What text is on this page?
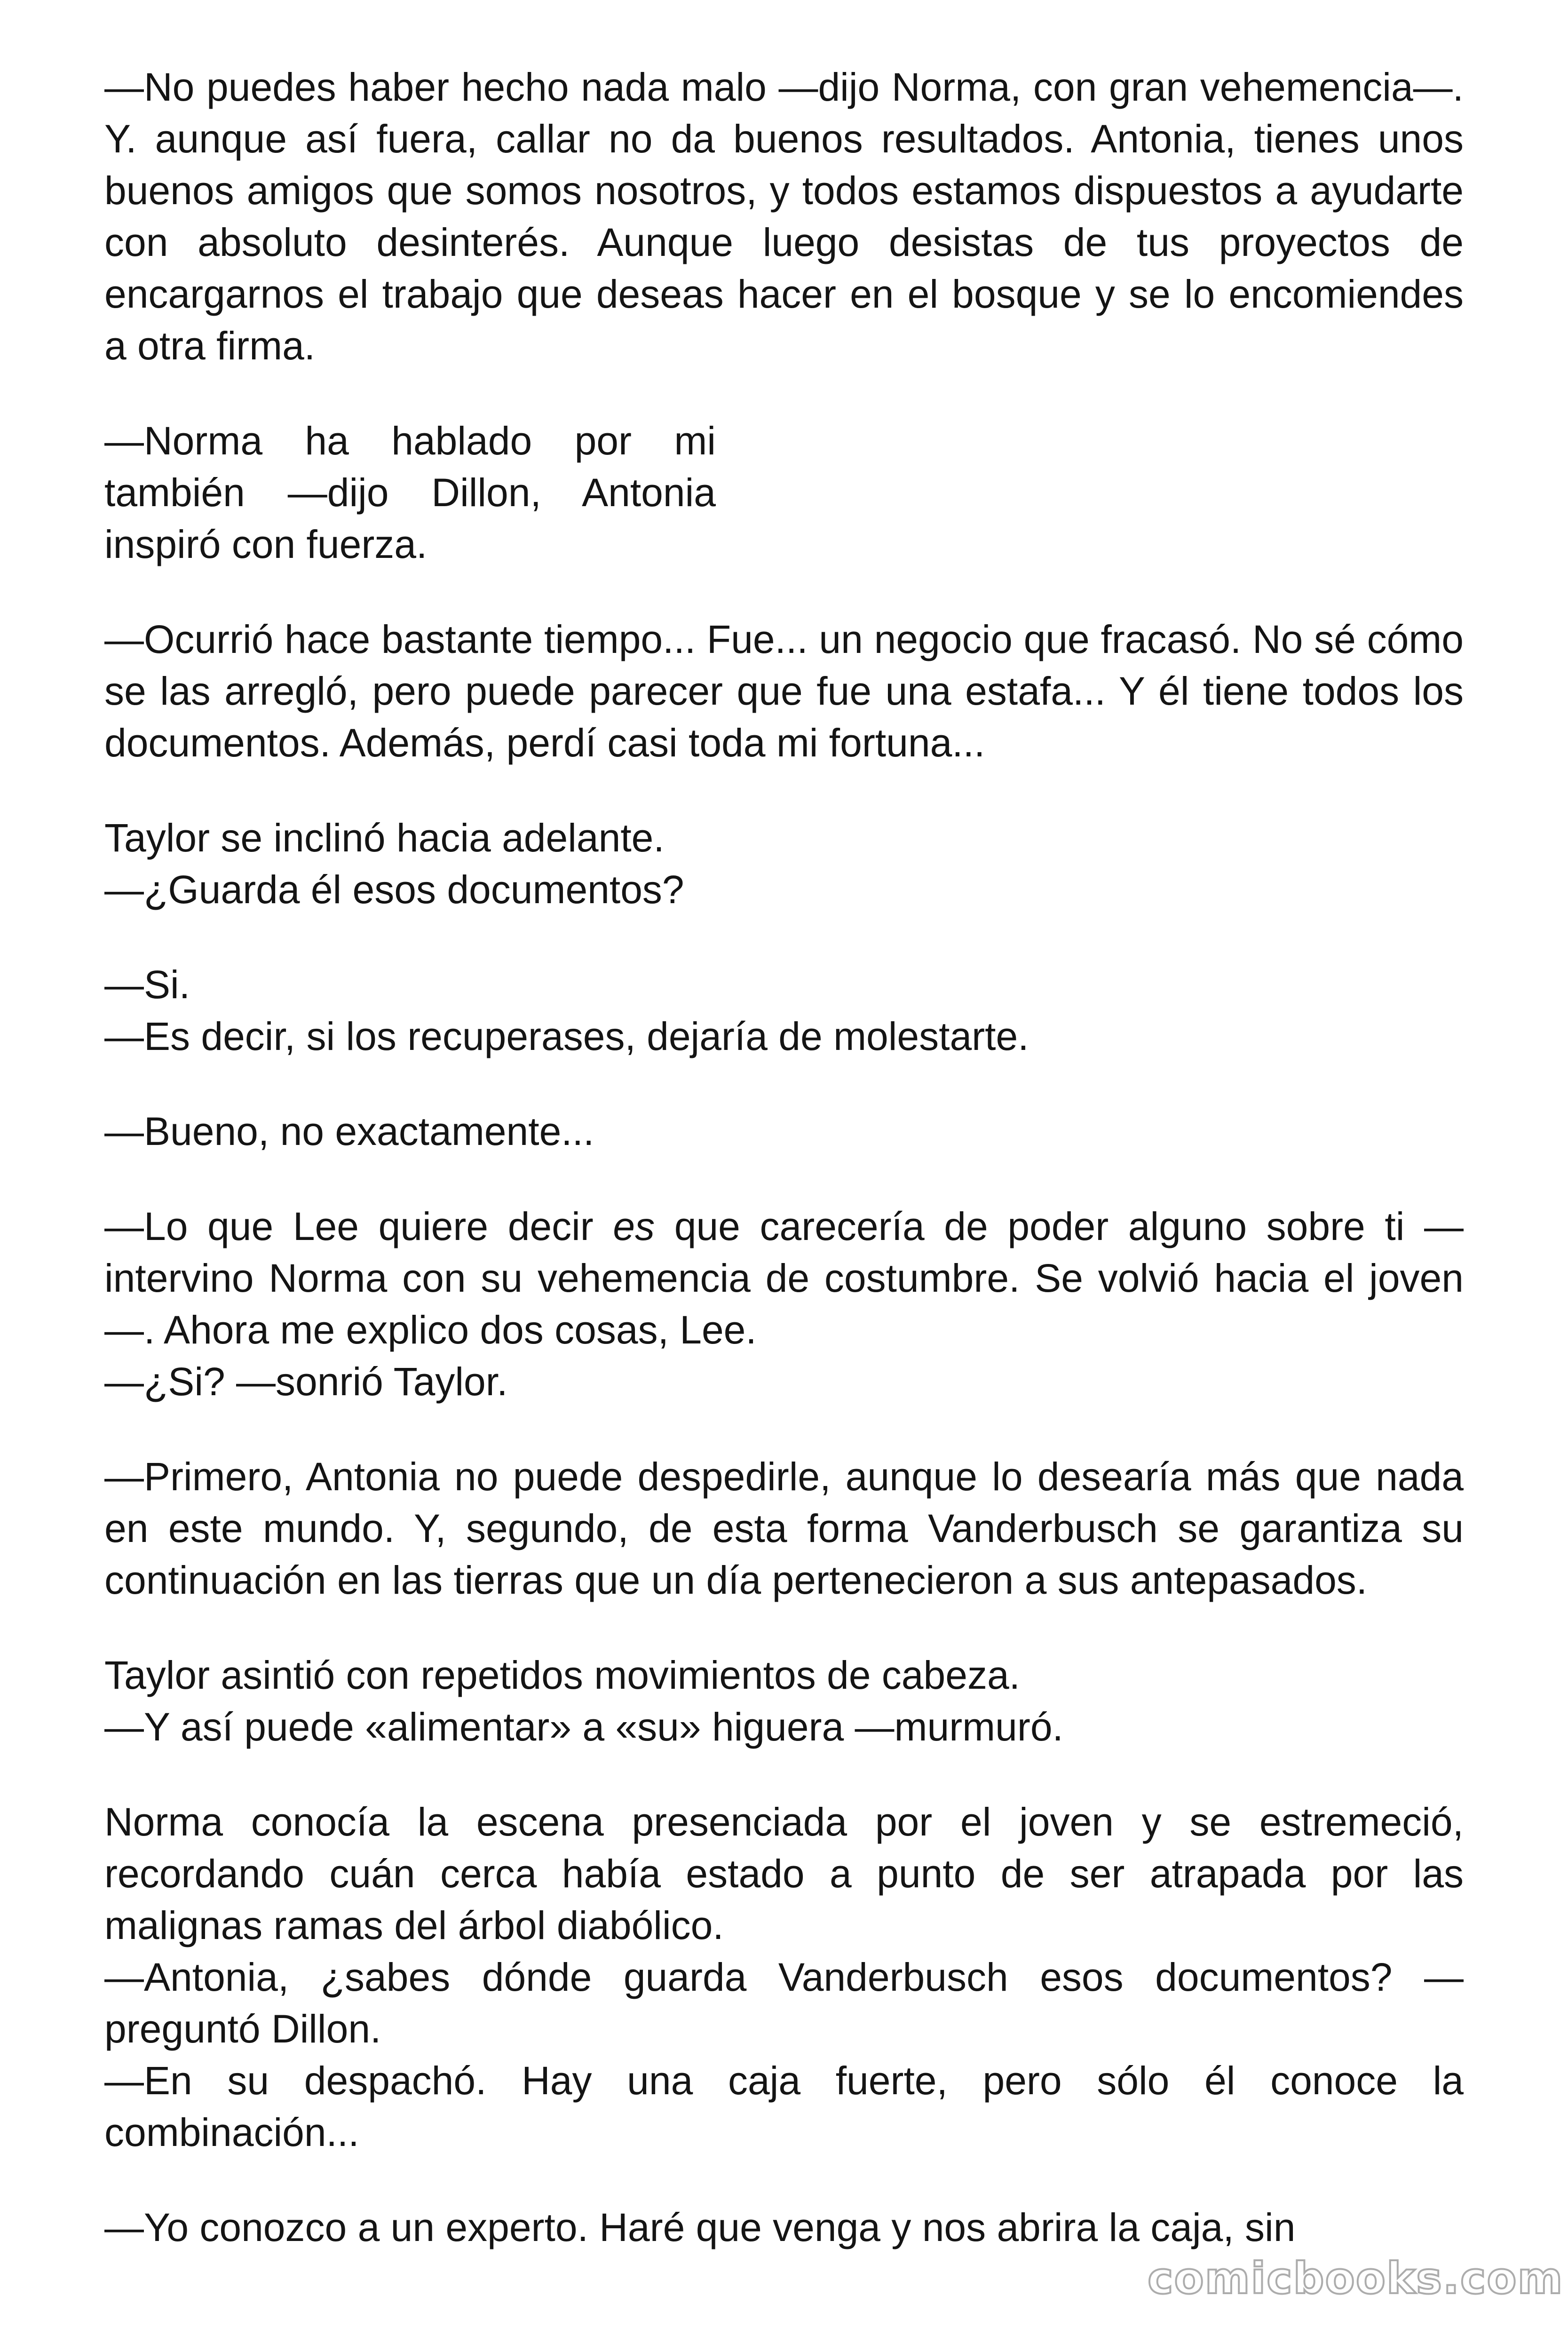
—No puedes haber hecho nada malo —dijo Norma, con gran vehemencia—. Y. aunque así fuera, callar no da buenos resultados. Antonia, tienes unos buenos amigos que somos nosotros, y todos estamos dispuestos a ayudarte con absoluto desinterés. Aunque luego desistas de tus proyectos de encargarnos el trabajo que deseas hacer en el bosque y se lo encomiendes a otra firma.

—Norma ha hablado por mi también —dijo Dillon, Antonia inspiró con fuerza.

—Ocurrió hace bastante tiempo... Fue... un negocio que fracasó. No sé cómo se las arregló, pero puede parecer que fue una estafa... Y él tiene todos los documentos. Además, perdí casi toda mi fortuna...

Taylor se inclinó hacia adelante.
—¿Guarda él esos documentos?

—Si.
—Es decir, si los recuperases, dejaría de molestarte.

—Bueno, no exactamente...

—Lo que Lee quiere decir es que carecería de poder alguno sobre ti — intervino Norma con su vehemencia de costumbre. Se volvió hacia el joven—. Ahora me explico dos cosas, Lee.
—¿Si? —sonrió Taylor.

—Primero, Antonia no puede despedirle, aunque lo desearía más que nada en este mundo. Y, segundo, de esta forma Vanderbusch se garantiza su continuación en las tierras que un día pertenecieron a sus antepasados.

Taylor asintió con repetidos movimientos de cabeza.
—Y así puede «alimentar» a «su» higuera —murmuró.

Norma conocía la escena presenciada por el joven y se estremeció, recordando cuán cerca había estado a punto de ser atrapada por las malignas ramas del árbol diabólico.
—Antonia, ¿sabes dónde guarda Vanderbusch esos documentos? —preguntó Dillon.
—En su despachó. Hay una caja fuerte, pero sólo él conoce la combinación...

—Yo conozco a un experto. Haré que venga y nos abrira la caja, sin

comicbooks.com
